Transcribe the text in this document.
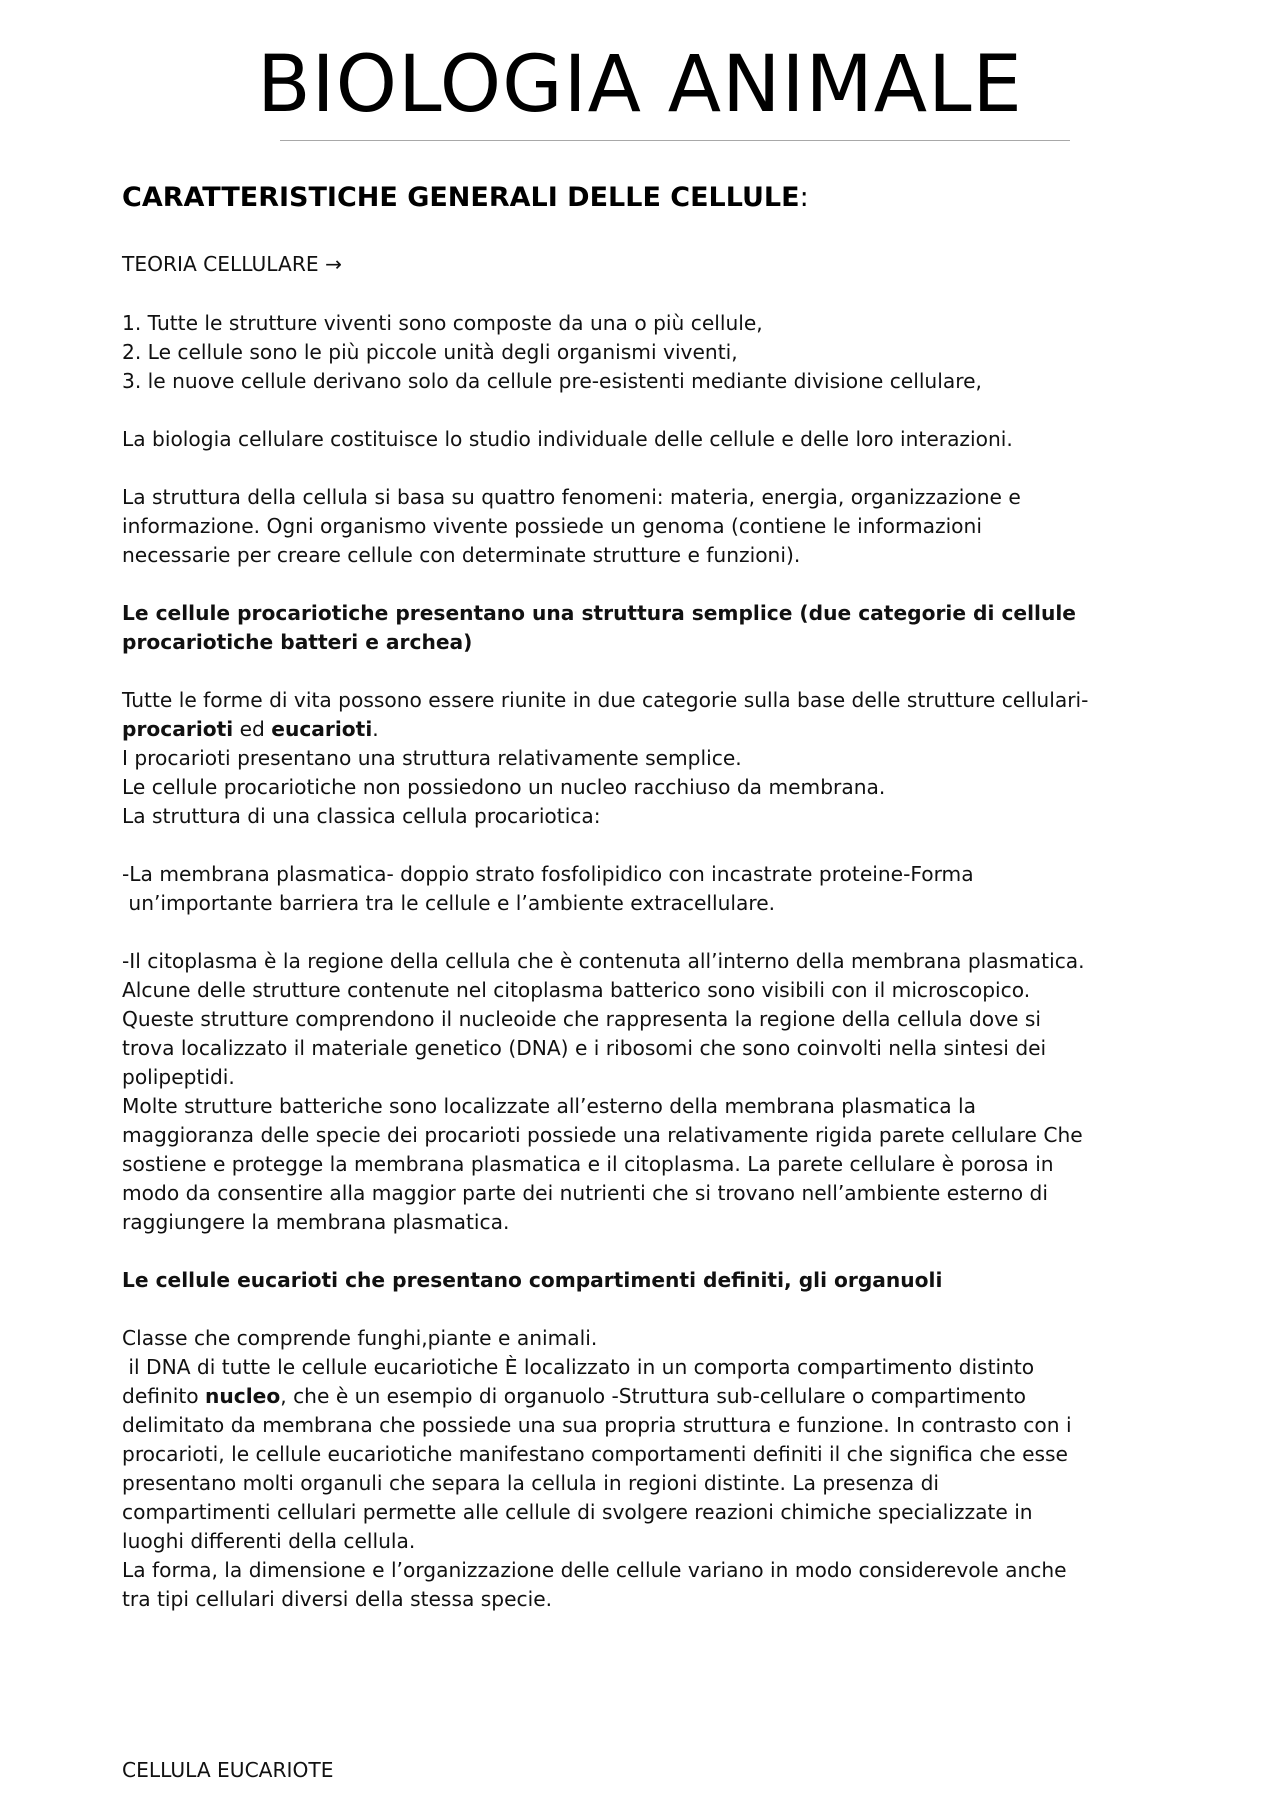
BIOLOGIA ANIMALE
CARATTERISTICHE GENERALI DELLE CELLULE:
TEORIA CELLULARE →
1. Tutte le strutture viventi sono composte da una o più cellule,
2. Le cellule sono le più piccole unità degli organismi viventi,
3. le nuove cellule derivano solo da cellule pre-esistenti mediante divisione cellulare,
La biologia cellulare costituisce lo studio individuale delle cellule e delle loro interazioni.
La struttura della cellula si basa su quattro fenomeni: materia, energia, organizzazione e
informazione. Ogni organismo vivente possiede un genoma (contiene le informazioni
necessarie per creare cellule con determinate strutture e funzioni).
Le cellule procariotiche presentano una struttura semplice (due categorie di cellule
procariotiche batteri e archea)
Tutte le forme di vita possono essere riunite in due categorie sulla base delle strutture cellulari-
procarioti ed eucarioti.
I procarioti presentano una struttura relativamente semplice.
Le cellule procariotiche non possiedono un nucleo racchiuso da membrana.
La struttura di una classica cellula procariotica:
-La membrana plasmatica- doppio strato fosfolipidico con incastrate proteine-Forma
un’importante barriera tra le cellule e l’ambiente extracellulare.
-Il citoplasma è la regione della cellula che è contenuta all’interno della membrana plasmatica.
Alcune delle strutture contenute nel citoplasma batterico sono visibili con il microscopico.
Queste strutture comprendono il nucleoide che rappresenta la regione della cellula dove si
trova localizzato il materiale genetico (DNA) e i ribosomi che sono coinvolti nella sintesi dei
polipeptidi.
Molte strutture batteriche sono localizzate all’esterno della membrana plasmatica la
maggioranza delle specie dei procarioti possiede una relativamente rigida parete cellulare Che
sostiene e protegge la membrana plasmatica e il citoplasma. La parete cellulare è porosa in
modo da consentire alla maggior parte dei nutrienti che si trovano nell’ambiente esterno di
raggiungere la membrana plasmatica.
Le cellule eucarioti che presentano compartimenti definiti, gli organuoli
Classe che comprende funghi,piante e animali.
il DNA di tutte le cellule eucariotiche È localizzato in un comporta compartimento distinto
definito nucleo, che è un esempio di organuolo -Struttura sub-cellulare o compartimento
delimitato da membrana che possiede una sua propria struttura e funzione. In contrasto con i
procarioti, le cellule eucariotiche manifestano comportamenti definiti il che significa che esse
presentano molti organuli che separa la cellula in regioni distinte. La presenza di
compartimenti cellulari permette alle cellule di svolgere reazioni chimiche specializzate in
luoghi differenti della cellula.
La forma, la dimensione e l’organizzazione delle cellule variano in modo considerevole anche
tra tipi cellulari diversi della stessa specie.
CELLULA EUCARIOTE
